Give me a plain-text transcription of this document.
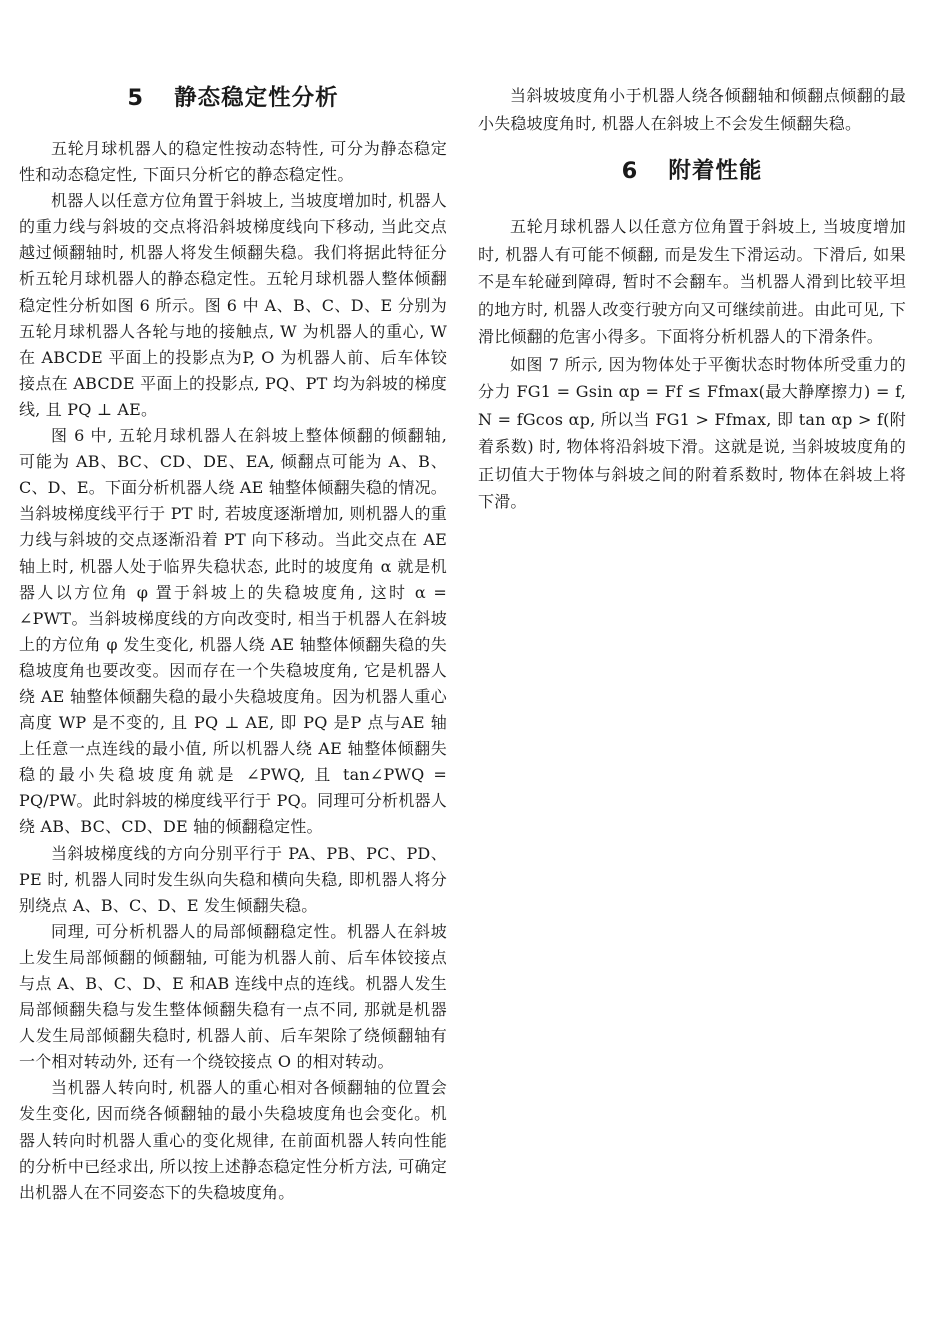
5 静态稳定性分析

五轮月球机器人的稳定性按动态特性, 可分为静态稳定性和动态稳定性, 下面只分析它的静态稳定性。

机器人以任意方位角置于斜坡上, 当坡度增加时, 机器人的重力线与斜坡的交点将沿斜坡梯度线向下移动, 当此交点越过倾翻轴时, 机器人将发生倾翻失稳。我们将据此特征分析五轮月球机器人的静态稳定性。五轮月球机器人整体倾翻稳定性分析如图 6 所示。图 6 中 A、B、C、D、E 分别为五轮月球机器人各轮与地的接触点, W 为机器人的重心, W 在 ABCDE 平面上的投影点为P, O 为机器人前、后车体铰接点在 ABCDE 平面上的投影点, PQ、PT 均为斜坡的梯度线, 且 PQ ⊥ AE。

图 6 中, 五轮月球机器人在斜坡上整体倾翻的倾翻轴, 可能为 AB、BC、CD、DE、EA, 倾翻点可能为 A、B、C、D、E。下面分析机器人绕 AE 轴整体倾翻失稳的情况。当斜坡梯度线平行于 PT 时, 若坡度逐渐增加, 则机器人的重力线与斜坡的交点逐渐沿着 PT 向下移动。当此交点在 AE 轴上时, 机器人处于临界失稳状态, 此时的坡度角 α 就是机器人以方位角 φ 置于斜坡上的失稳坡度角, 这时 α = ∠PWT。当斜坡梯度线的方向改变时, 相当于机器人在斜坡上的方位角 φ 发生变化, 机器人绕 AE 轴整体倾翻失稳的失稳坡度角也要改变。因而存在一个失稳坡度角, 它是机器人绕 AE 轴整体倾翻失稳的最小失稳坡度角。因为机器人重心高度 WP 是不变的, 且 PQ ⊥ AE, 即 PQ 是P 点与AE 轴上任意一点连线的最小值, 所以机器人绕 AE 轴整体倾翻失稳的最小失稳坡度角就是 ∠PWQ, 且 tan∠PWQ = PQ/PW。此时斜坡的梯度线平行于 PQ。同理可分析机器人绕 AB、BC、CD、DE 轴的倾翻稳定性。

当斜坡梯度线的方向分别平行于 PA、PB、PC、PD、PE 时, 机器人同时发生纵向失稳和横向失稳, 即机器人将分别绕点 A、B、C、D、E 发生倾翻失稳。

同理, 可分析机器人的局部倾翻稳定性。机器人在斜坡上发生局部倾翻的倾翻轴, 可能为机器人前、后车体铰接点与点 A、B、C、D、E 和AB 连线中点的连线。机器人发生局部倾翻失稳与发生整体倾翻失稳有一点不同, 那就是机器人发生局部倾翻失稳时, 机器人前、后车架除了绕倾翻轴有一个相对转动外, 还有一个绕铰接点 O 的相对转动。

当机器人转向时, 机器人的重心相对各倾翻轴的位置会发生变化, 因而绕各倾翻轴的最小失稳坡度角也会变化。机器人转向时机器人重心的变化规律, 在前面机器人转向性能的分析中已经求出, 所以按上述静态稳定性分析方法, 可确定出机器人在不同姿态下的失稳坡度角。

当斜坡坡度角小于机器人绕各倾翻轴和倾翻点倾翻的最小失稳坡度角时, 机器人在斜坡上不会发生倾翻失稳。

6 附着性能

五轮月球机器人以任意方位角置于斜坡上, 当坡度增加时, 机器人有可能不倾翻, 而是发生下滑运动。下滑后, 如果不是车轮碰到障碍, 暂时不会翻车。当机器人滑到比较平坦的地方时, 机器人改变行驶方向又可继续前进。由此可见, 下滑比倾翻的危害小得多。下面将分析机器人的下滑条件。

如图 7 所示, 因为物体处于平衡状态时物体所受重力的分力 FG1 = Gsin αp = Ff ≤ Ffmax(最大静摩擦力) = f, N = fGcos αp, 所以当 FG1 > Ffmax, 即 tan αp > f(附着系数) 时, 物体将沿斜坡下滑。这就是说, 当斜坡坡度角的正切值大于物体与斜坡之间的附着系数时, 物体在斜坡上将下滑。
